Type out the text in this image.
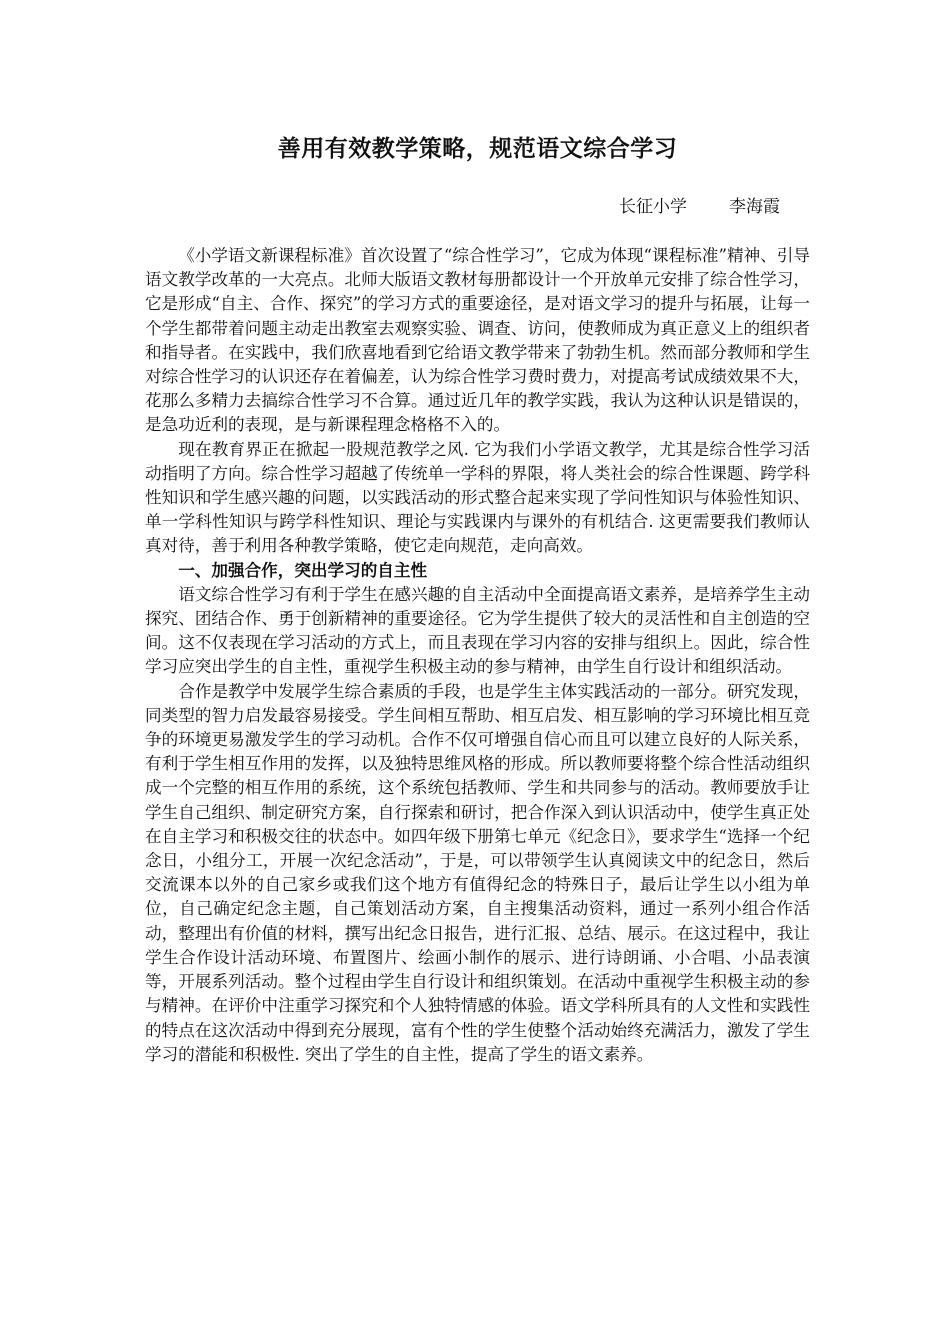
善用有效教学策略，规范语文综合学习
长征小学 李海霞

《小学语文新课程标准》首次设置了“综合性学习”，它成为体现“课程标准”精神、引导语文教学改革的一大亮点。北师大版语文教材每册都设计一个开放单元安排了综合性学习，它是形成“自主、合作、探究”的学习方式的重要途径，是对语文学习的提升与拓展，让每一个学生都带着问题主动走出教室去观察实验、调查、访问，使教师成为真正意义上的组织者和指导者。在实践中，我们欣喜地看到它给语文教学带来了勃勃生机。然而部分教师和学生对综合性学习的认识还存在着偏差，认为综合性学习费时费力，对提高考试成绩效果不大，花那么多精力去搞综合性学习不合算。通过近几年的教学实践，我认为这种认识是错误的，是急功近利的表现，是与新课程理念格格不入的。

现在教育界正在掀起一股规范教学之风. 它为我们小学语文教学，尤其是综合性学习活动指明了方向。综合性学习超越了传统单一学科的界限，将人类社会的综合性课题、跨学科性知识和学生感兴趣的问题，以实践活动的形式整合起来实现了学问性知识与体验性知识、单一学科性知识与跨学科性知识、理论与实践课内与课外的有机结合. 这更需要我们教师认真对待，善于利用各种教学策略，使它走向规范，走向高效。

一、加强合作，突出学习的自主性

语文综合性学习有利于学生在感兴趣的自主活动中全面提高语文素养，是培养学生主动探究、团结合作、勇于创新精神的重要途径。它为学生提供了较大的灵活性和自主创造的空间。这不仅表现在学习活动的方式上，而且表现在学习内容的安排与组织上。因此，综合性学习应突出学生的自主性，重视学生积极主动的参与精神，由学生自行设计和组织活动。

合作是教学中发展学生综合素质的手段，也是学生主体实践活动的一部分。研究发现，同类型的智力启发最容易接受。学生间相互帮助、相互启发、相互影响的学习环境比相互竞争的环境更易激发学生的学习动机。合作不仅可增强自信心而且可以建立良好的人际关系，有利于学生相互作用的发挥，以及独特思维风格的形成。所以教师要将整个综合性活动组织成一个完整的相互作用的系统，这个系统包括教师、学生和共同参与的活动。教师要放手让学生自己组织、制定研究方案，自行探索和研讨，把合作深入到认识活动中，使学生真正处在自主学习和积极交往的状态中。如四年级下册第七单元《纪念日》，要求学生“选择一个纪念日，小组分工，开展一次纪念活动”，于是，可以带领学生认真阅读文中的纪念日，然后交流课本以外的自己家乡或我们这个地方有值得纪念的特殊日子，最后让学生以小组为单位，自己确定纪念主题，自己策划活动方案，自主搜集活动资料，通过一系列小组合作活动，整理出有价值的材料，撰写出纪念日报告，进行汇报、总结、展示。在这过程中，我让学生合作设计活动环境、布置图片、绘画小制作的展示、进行诗朗诵、小合唱、小品表演等，开展系列活动。整个过程由学生自行设计和组织策划。在活动中重视学生积极主动的参与精神。在评价中注重学习探究和个人独特情感的体验。语文学科所具有的人文性和实践性的特点在这次活动中得到充分展现，富有个性的学生使整个活动始终充满活力，激发了学生学习的潜能和积极性. 突出了学生的自主性，提高了学生的语文素养。
